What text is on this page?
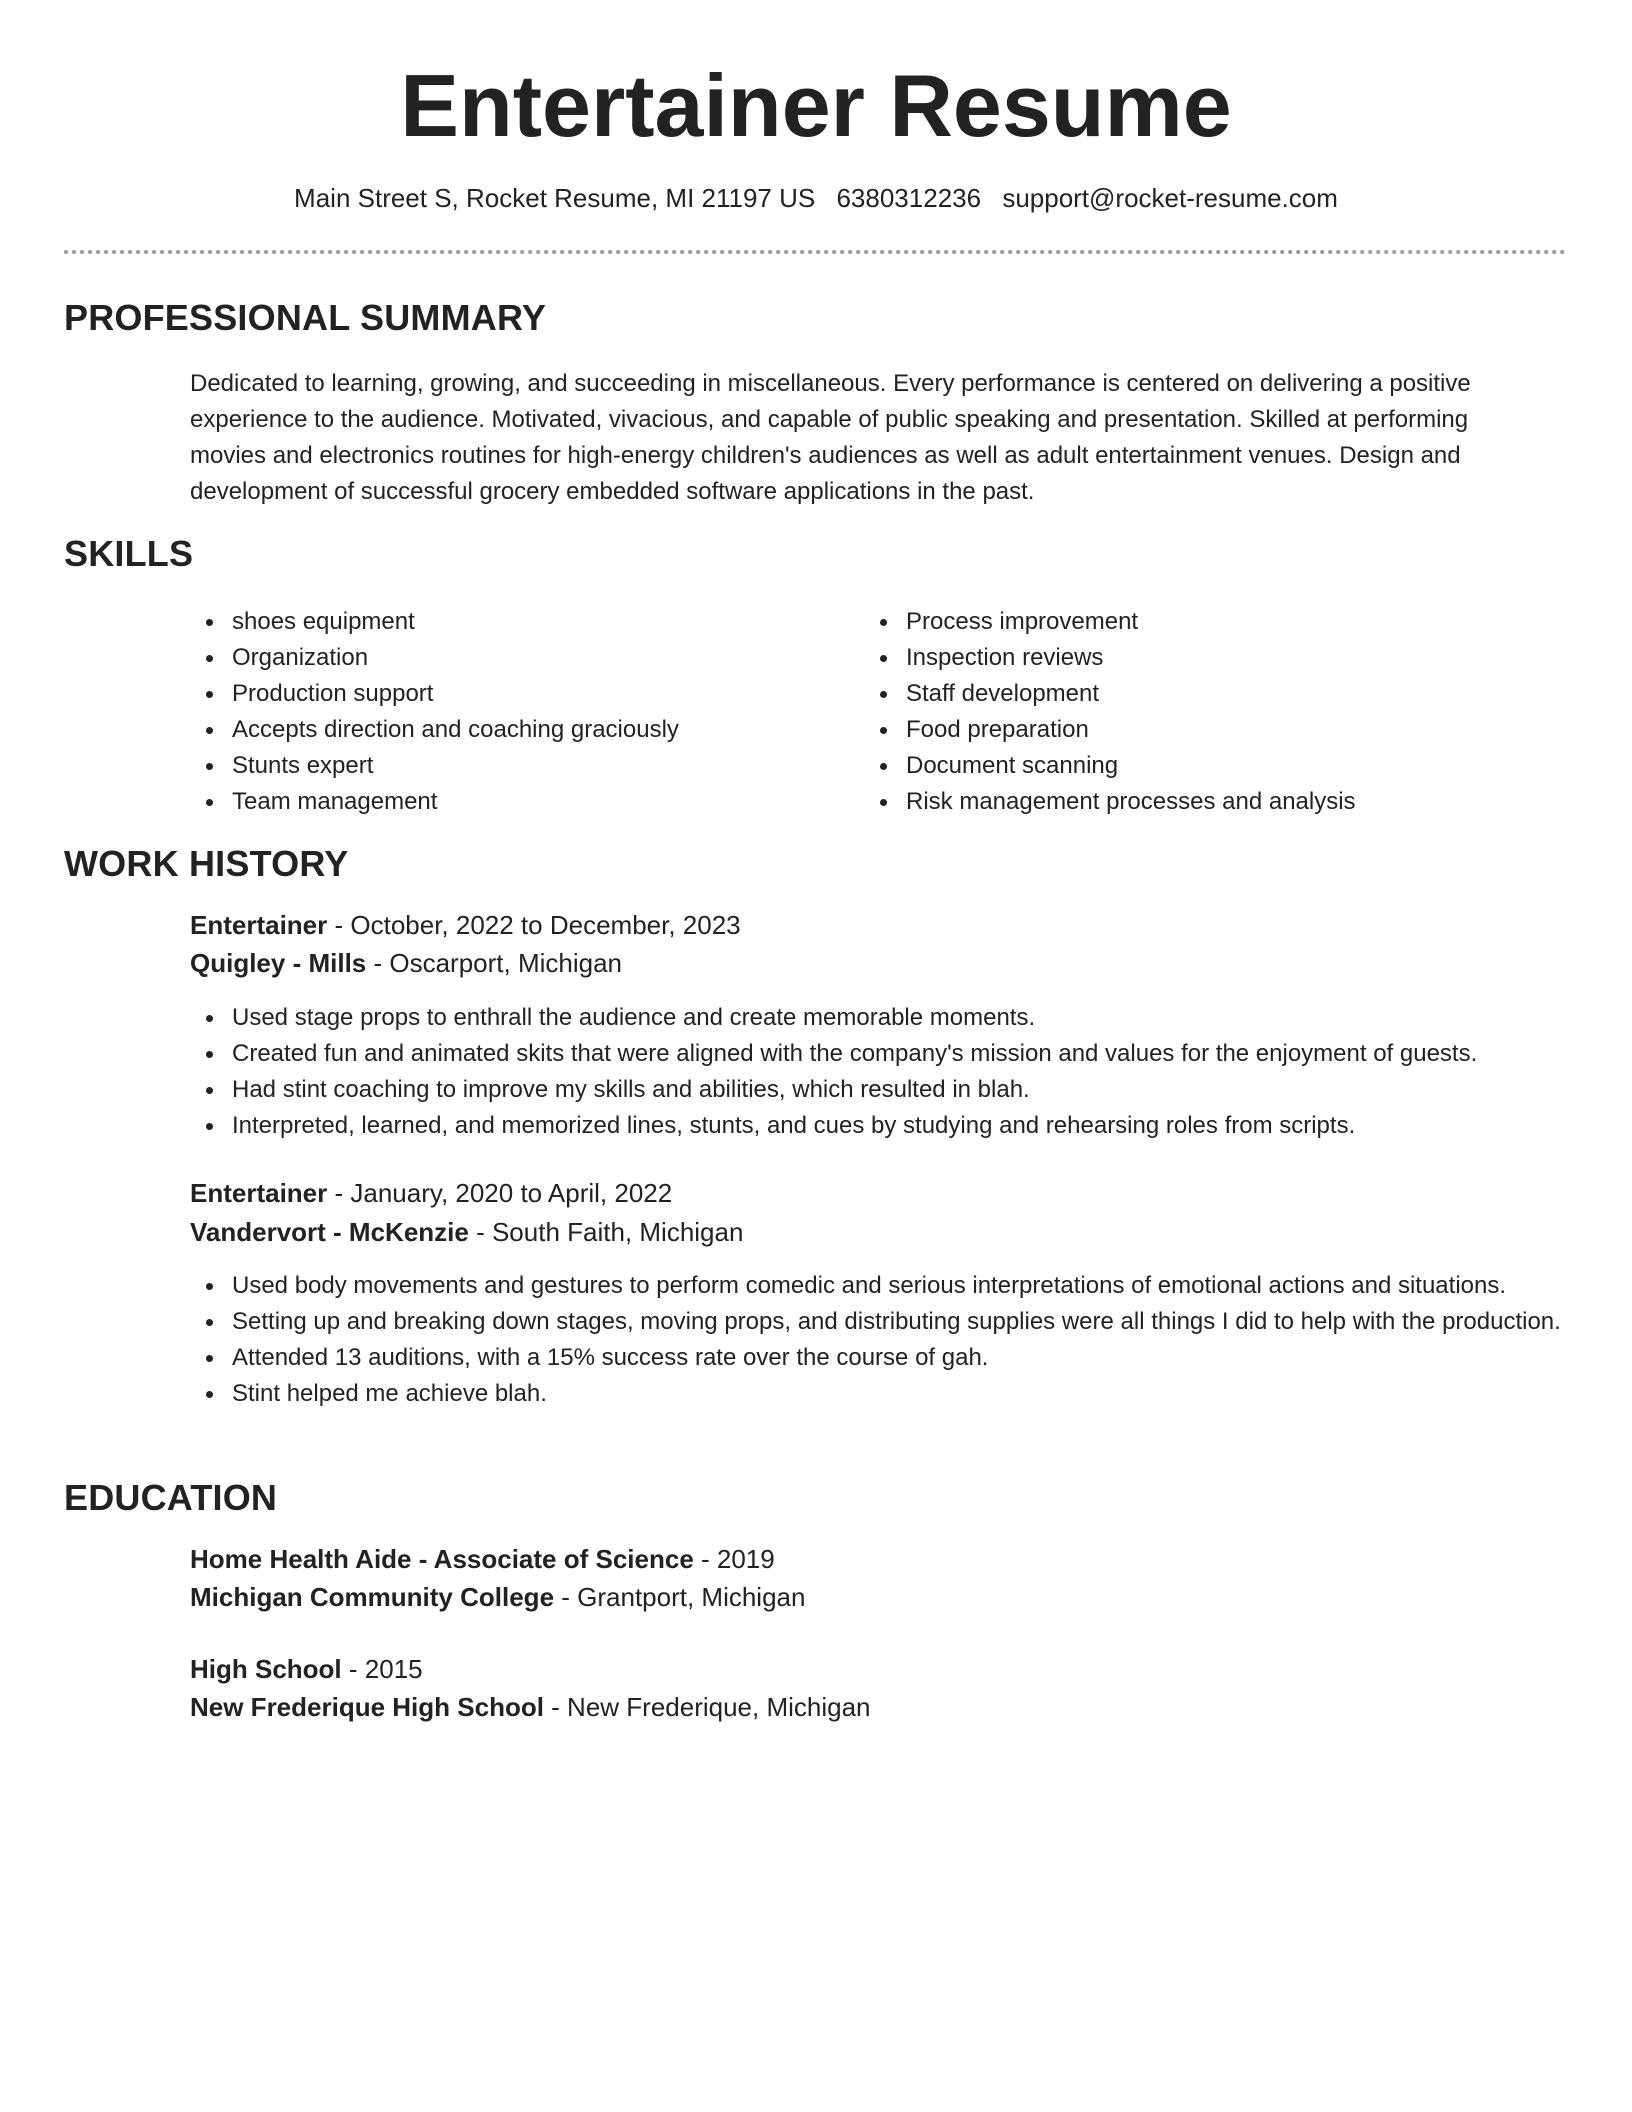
Entertainer Resume
Main Street S, Rocket Resume, MI 21197 US 6380312236 support@rocket-resume.com
PROFESSIONAL SUMMARY

Dedicated to learning, growing, and succeeding in miscellaneous. Every performance is centered on delivering a positive experience to the audience. Motivated, vivacious, and capable of public speaking and presentation. Skilled at performing movies and electronics routines for high-energy children's audiences as well as adult entertainment venues. Design and development of successful grocery embedded software applications in the past.

SKILLS
shoes equipment
Organization
Production support
Accepts direction and coaching graciously
Stunts expert
Team management
Process improvement
Inspection reviews
Staff development
Food preparation
Document scanning
Risk management processes and analysis
WORK HISTORY
Entertainer - October, 2022 to December, 2023
Quigley - Mills - Oscarport, Michigan
Used stage props to enthrall the audience and create memorable moments.
Created fun and animated skits that were aligned with the company's mission and values for the enjoyment of guests.
Had stint coaching to improve my skills and abilities, which resulted in blah.
Interpreted, learned, and memorized lines, stunts, and cues by studying and rehearsing roles from scripts.
Entertainer - January, 2020 to April, 2022
Vandervort - McKenzie - South Faith, Michigan
Used body movements and gestures to perform comedic and serious interpretations of emotional actions and situations.
Setting up and breaking down stages, moving props, and distributing supplies were all things I did to help with the production.
Attended 13 auditions, with a 15% success rate over the course of gah.
Stint helped me achieve blah.
EDUCATION
Home Health Aide - Associate of Science - 2019
Michigan Community College - Grantport, Michigan
High School - 2015
New Frederique High School - New Frederique, Michigan
